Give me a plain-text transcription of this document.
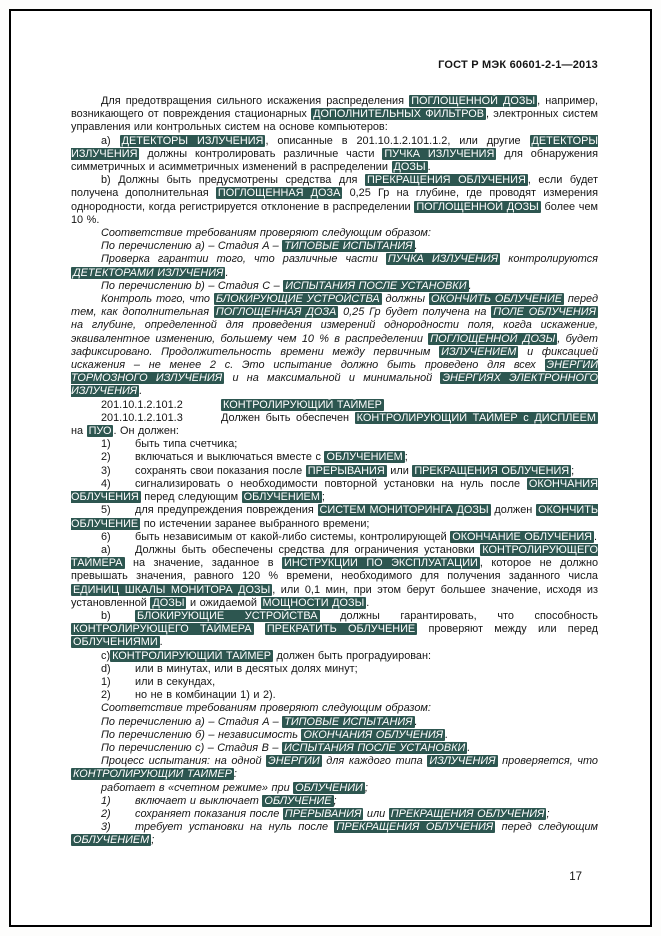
ГОСТ Р МЭК 60601-2-1—2013

Для предотвращения сильного искажения распределения ПОГЛОЩЕННОЙ ДОЗЫ , например, возникающего от повреждения стационарных ДОПОЛНИТЕЛЬНЫХ ФИЛЬТРОВ , электронных систем управления или контрольных систем на основе компьютеров:

a) ДЕТЕКТОРЫ ИЗЛУЧЕНИЯ , описанные в 201.10.1.2.101.1.2, или другие ДЕТЕКТОРЫ ИЗЛУЧЕНИЯ должны контролировать различные части ПУЧКА ИЗЛУЧЕНИЯ для обнаружения симметричных и асимметричных изменений в распределении ДОЗЫ .

b) Должны быть предусмотрены средства для ПРЕКРАЩЕНИЯ ОБЛУЧЕНИЯ , если будет получена дополнительная ПОГЛОЩЕННАЯ ДОЗА 0,25 Гр на глубине, где проводят измерения однородности, когда регистрируется отклонение в распределении ПОГЛОЩЕННОЙ ДОЗЫ более чем 10 %.

Соответствие требованиям проверяют следующим образом:

По перечислению a) – Стадия A – ТИПОВЫЕ ИСПЫТАНИЯ .

Проверка гарантии того, что различные части ПУЧКА ИЗЛУЧЕНИЯ контролируются ДЕТЕКТОРАМИ ИЗЛУЧЕНИЯ .

По перечислению b) – Стадия C – ИСПЫТАНИЯ ПОСЛЕ УСТАНОВКИ .

Контроль того, что БЛОКИРУЮЩИЕ УСТРОЙСТВА должны ОКОНЧИТЬ ОБЛУЧЕНИЕ перед тем, как дополнительная ПОГЛОЩЕННАЯ ДОЗА 0,25 Гр будет получена на ПОЛЕ ОБЛУЧЕНИЯ на глубине, определенной для проведения измерений однородности поля, когда искажение, эквивалентное изменению, большему чем 10 % в распределении ПОГЛОЩЕННОЙ ДОЗЫ , будет зафиксировано. Продолжительность времени между первичным ИЗЛУЧЕНИЕМ и фиксацией искажения – не менее 2 с. Это испытание должно быть проведено для всех ЭНЕРГИЙ ТОРМОЗНОГО ИЗЛУЧЕНИЯ и на максимальной и минимальной ЭНЕРГИЯХ ЭЛЕКТРОННОГО ИЗЛУЧЕНИЯ .

201.10.1.2.101.2	КОНТРОЛИРУЮЩИЙ ТАЙМЕР

201.10.1.2.101.3	Должен быть обеспечен КОНТРОЛИРУЮЩИЙ ТАЙМЕР с ДИСПЛЕЕМ на ПУО . Он должен:

1) быть типа счетчика;

2) включаться и выключаться вместе с ОБЛУЧЕНИЕМ ;

3) сохранять свои показания после ПРЕРЫВАНИЯ или ПРЕКРАЩЕНИЯ ОБЛУЧЕНИЯ ;

4) сигнализировать о необходимости повторной установки на нуль после ОКОНЧАНИЯ ОБЛУЧЕНИЯ перед следующим ОБЛУЧЕНИЕМ ;

5) для предупреждения повреждения СИСТЕМ МОНИТОРИНГА ДОЗЫ должен ОКОНЧИТЬ ОБЛУЧЕНИЕ по истечении заранее выбранного времени;

6) быть независимым от какой-либо системы, контролирующей ОКОНЧАНИЕ ОБЛУЧЕНИЯ .

a) Должны быть обеспечены средства для ограничения установки КОНТРОЛИРУЮЩЕГО ТАЙМЕРА на значение, заданное в ИНСТРУКЦИИ ПО ЭКСПЛУАТАЦИИ , которое не должно превышать значения, равного 120 % времени, необходимого для получения заданного числа ЕДИНИЦ ШКАЛЫ МОНИТОРА ДОЗЫ , или 0,1 мин, при этом берут большее значение, исходя из установленной ДОЗЫ и ожидаемой МОЩНОСТИ ДОЗЫ .

b) БЛОКИРУЮЩИЕ УСТРОЙСТВА должны гарантировать, что способность КОНТРОЛИРУЮЩЕГО ТАЙМЕРА ПРЕКРАТИТЬ ОБЛУЧЕНИЕ проверяют между или перед ОБЛУЧЕНИЯМИ .

c) КОНТРОЛИРУЮЩИЙ ТАЙМЕР должен быть проградуирован:

d) или в минутах, или в десятых долях минут;

1) или в секундах,

2) но не в комбинации 1) и 2).

Соответствие требованиям проверяют следующим образом:

По перечислению a) – Стадия A – ТИПОВЫЕ ИСПЫТАНИЯ .

По перечислению б) – независимость ОКОНЧАНИЯ ОБЛУЧЕНИЯ .

По перечислению c) – Стадия B – ИСПЫТАНИЯ ПОСЛЕ УСТАНОВКИ .

Процесс испытания: на одной ЭНЕРГИИ для каждого типа ИЗЛУЧЕНИЯ проверяется, что КОНТРОЛИРУЮЩИЙ ТАЙМЕР :

работает в «счетном режиме» при ОБЛУЧЕНИИ ;

1) включает и выключает ОБЛУЧЕНИЕ ;

2) сохраняет показания после ПРЕРЫВАНИЯ или ПРЕКРАЩЕНИЯ ОБЛУЧЕНИЯ ;

3) требует установки на нуль после ПРЕКРАЩЕНИЯ ОБЛУЧЕНИЯ перед следующим ОБЛУЧЕНИЕМ ;

17
